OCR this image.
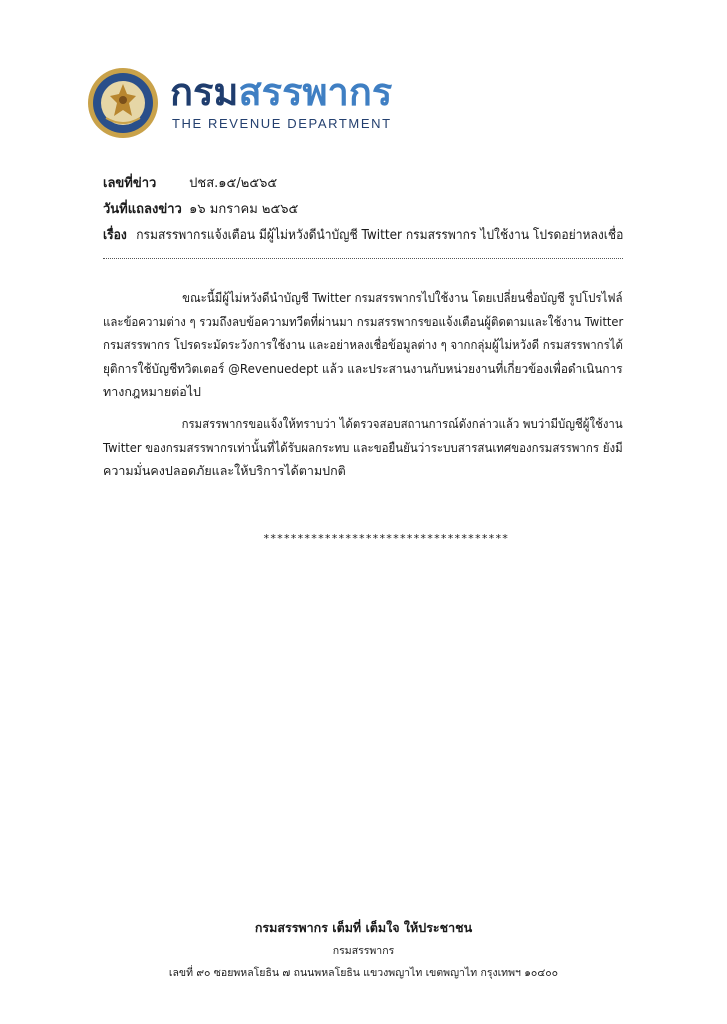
กรมสรรพากร
THE REVENUE DEPARTMENT
เลขที่ข่าว	ปชส.๑๕/๒๕๖๕
วันที่แถลงข่าว ๑๖ มกราคม ๒๕๖๕
เรื่อง กรมสรรพากรแจ้งเตือน มีผู้ไม่หวังดีนำบัญชี Twitter กรมสรรพากร ไปใช้งาน โปรดอย่าหลงเชื่อ
ขณะนี้มีผู้ไม่หวังดีนำบัญชี Twitter กรมสรรพากรไปใช้งาน โดยเปลี่ยนชื่อบัญชี รูปโปรไฟล์
และข้อความต่าง ๆ รวมถึงลบข้อความทวีตที่ผ่านมา กรมสรรพากรขอแจ้งเตือนผู้ติดตามและใช้งาน Twitter
กรมสรรพากร โปรดระมัดระวังการใช้งาน และอย่าหลงเชื่อข้อมูลต่าง ๆ จากกลุ่มผู้ไม่หวังดี กรมสรรพากรได้
ยุติการใช้บัญชีทวิตเตอร์ @Revenuedept แล้ว และประสานงานกับหน่วยงานที่เกี่ยวข้องเพื่อดำเนินการ
ทางกฎหมายต่อไป
กรมสรรพากรขอแจ้งให้ทราบว่า ได้ตรวจสอบสถานการณ์ดังกล่าวแล้ว พบว่ามีบัญชีผู้ใช้งาน
Twitter ของกรมสรรพากรเท่านั้นที่ได้รับผลกระทบ และขอยืนยันว่าระบบสารสนเทศของกรมสรรพากร ยังมี
ความมั่นคงปลอดภัยและให้บริการได้ตามปกติ
************************************
กรมสรรพากร เต็มที่ เต็มใจ ให้ประชาชน
กรมสรรพากร
เลขที่ ๙๐ ซอยพหลโยธิน ๗ ถนนพหลโยธิน แขวงพญาไท เขตพญาไท กรุงเทพฯ ๑๐๔๐๐
